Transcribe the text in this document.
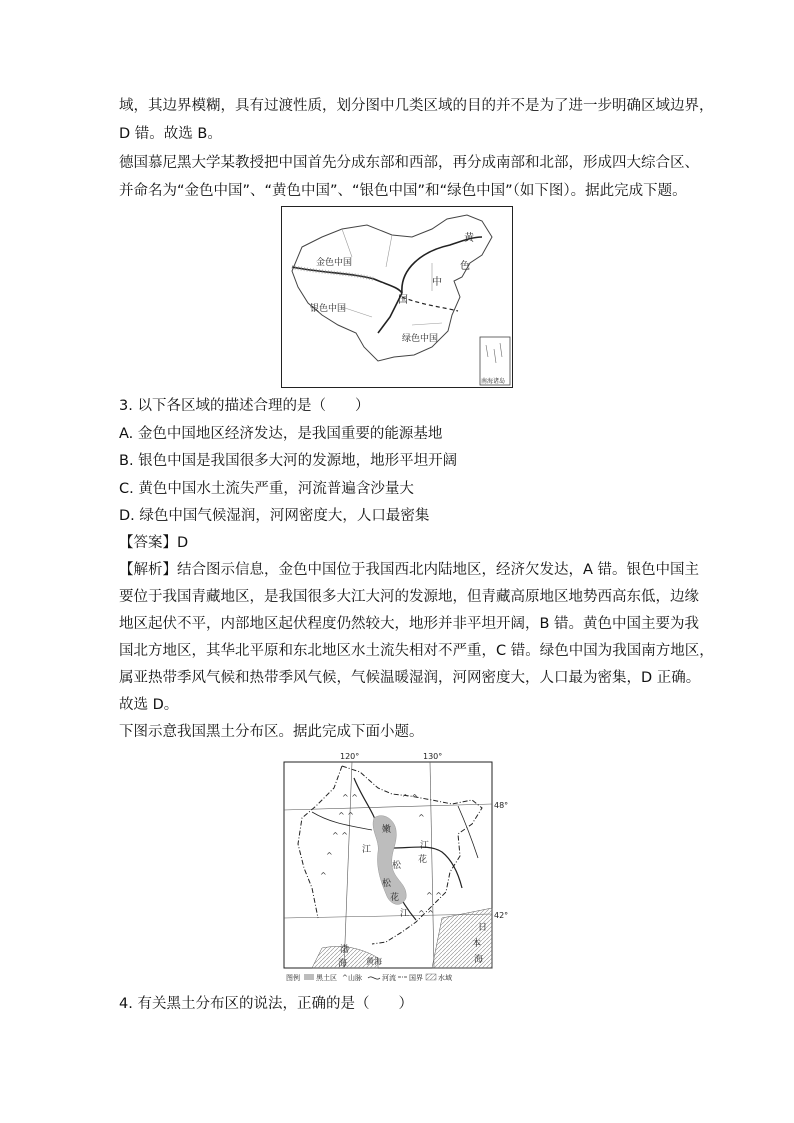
域，其边界模糊，具有过渡性质，划分图中几类区域的目的并不是为了进一步明确区域边界，
D 错。故选 B。
德国慕尼黑大学某教授把中国首先分成东部和西部，再分成南部和北部，形成四大综合区、
并命名为“金色中国”、“黄色中国”、“银色中国”和“绿色中国”（如下图）。据此完成下题。
金色中国
银色中国
绿色中国
黄
色
中
国
南海诸岛
3. 以下各区域的描述合理的是（　　）
A. 金色中国地区经济发达，是我国重要的能源基地
B. 银色中国是我国很多大河的发源地，地形平坦开阔
C. 黄色中国水土流失严重，河流普遍含沙量大
D. 绿色中国气候湿润，河网密度大，人口最密集
【答案】D
【解析】结合图示信息，金色中国位于我国西北内陆地区，经济欠发达，A 错。银色中国主
要位于我国青藏地区，是我国很多大江大河的发源地，但青藏高原地区地势西高东低，边缘
地区起伏不平，内部地区起伏程度仍然较大，地形并非平坦开阔，B 错。黄色中国主要为我
国北方地区，其华北平原和东北地区水土流失相对不严重，C 错。绿色中国为我国南方地区，
属亚热带季风气候和热带季风气候，气候温暖湿润，河网密度大，人口最为密集，D 正确。
故选 D。
下图示意我国黑土分布区。据此完成下面小题。
120°	130°
48°
42°
^ ^
^ ^
^ ^
^
^
^ ^
^
^ ^
^ ^
嫩
江
松
花
江
松
花
江
日
本
海
渤
海 黄海
图例 黑土区 ^ 山脉	河流 国界 水域
4. 有关黑土分布区的说法，正确的是（　　）
